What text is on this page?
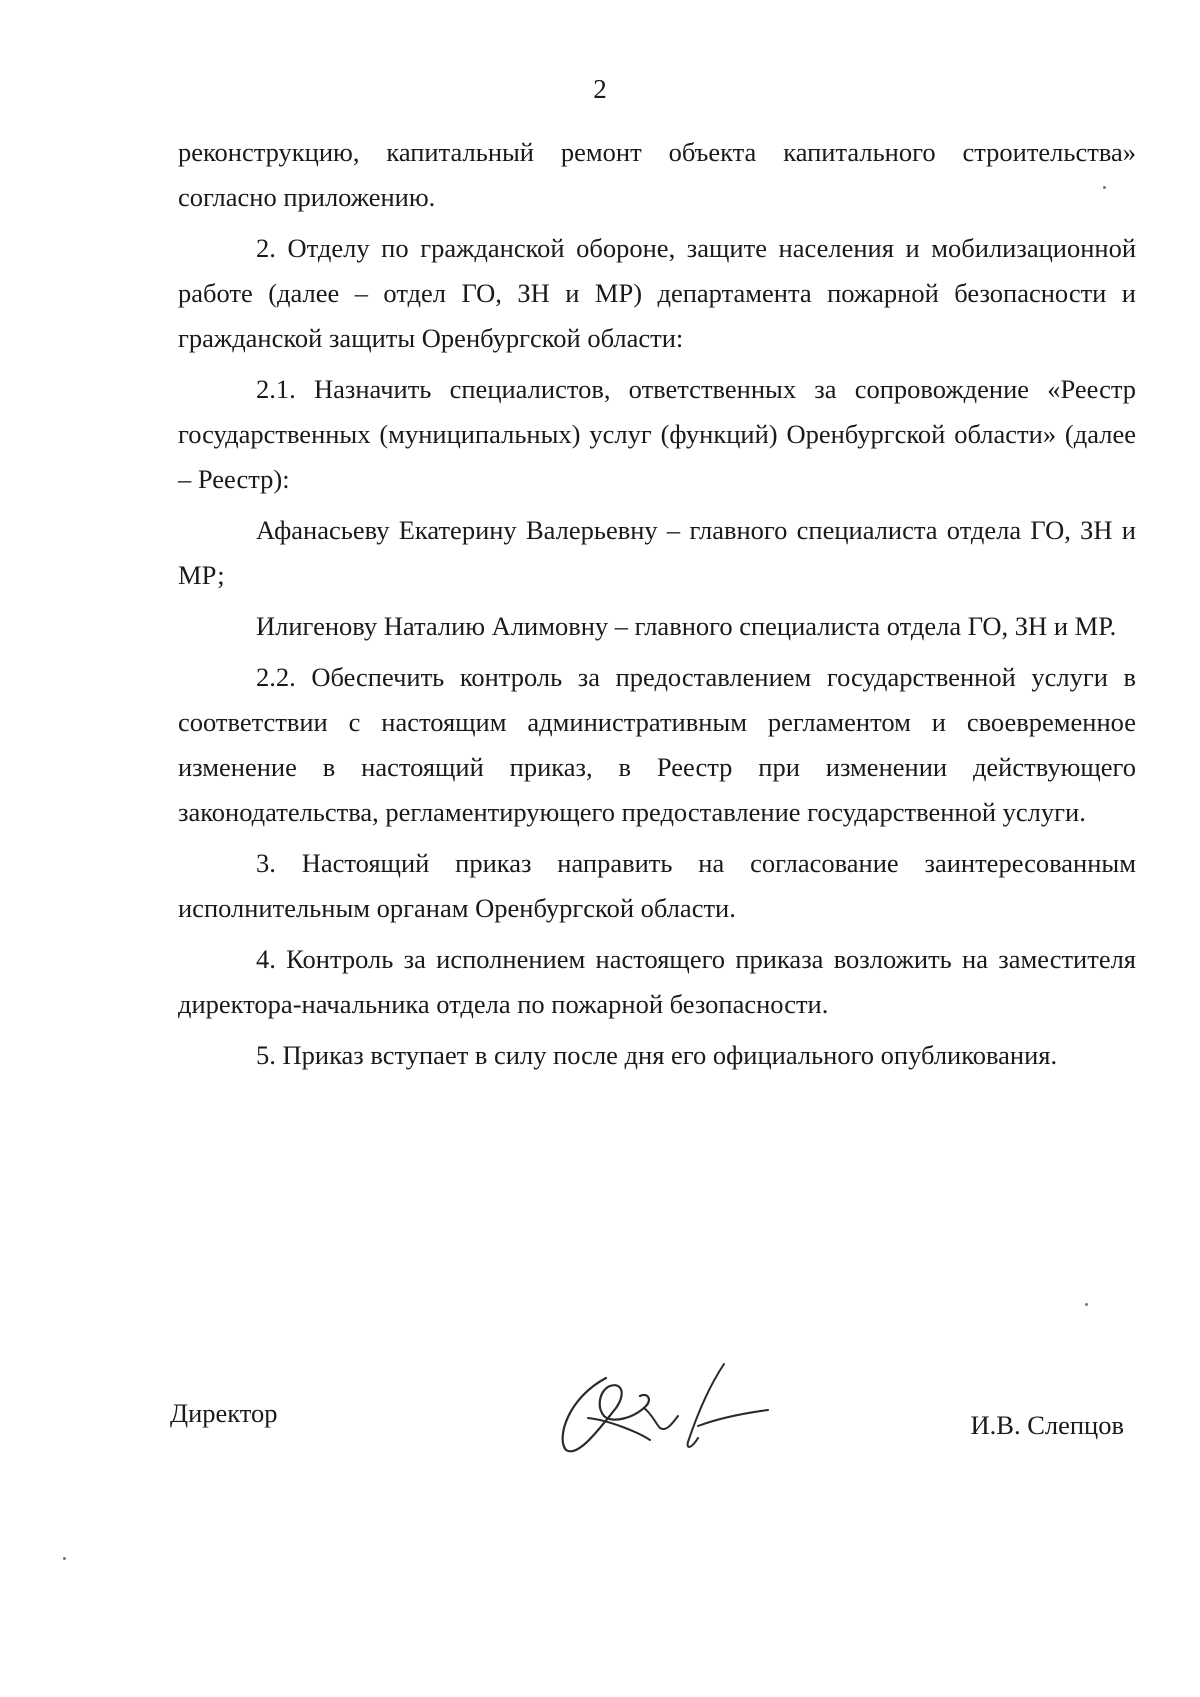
2

реконструкцию, капитальный ремонт объекта капитального строительства» согласно приложению.

2. Отделу по гражданской обороне, защите населения и мобилизационной работе (далее – отдел ГО, ЗН и МР) департамента пожарной безопасности и гражданской защиты Оренбургской области:

2.1. Назначить специалистов, ответственных за сопровождение «Реестр государственных (муниципальных) услуг (функций) Оренбургской области» (далее – Реестр):

Афанасьеву Екатерину Валерьевну – главного специалиста отдела ГО, ЗН и МР;

Илигенову Наталию Алимовну – главного специалиста отдела ГО, ЗН и МР.

2.2. Обеспечить контроль за предоставлением государственной услуги в соответствии с настоящим административным регламентом и своевременное изменение в настоящий приказ, в Реестр при изменении действующего законодательства, регламентирующего предоставление государственной услуги.

3. Настоящий приказ направить на согласование заинтересованным исполнительным органам Оренбургской области.

4. Контроль за исполнением настоящего приказа возложить на заместителя директора-начальника отдела по пожарной безопасности.

5. Приказ вступает в силу после дня его официального опубликования.

Директор	И.В. Слепцов
